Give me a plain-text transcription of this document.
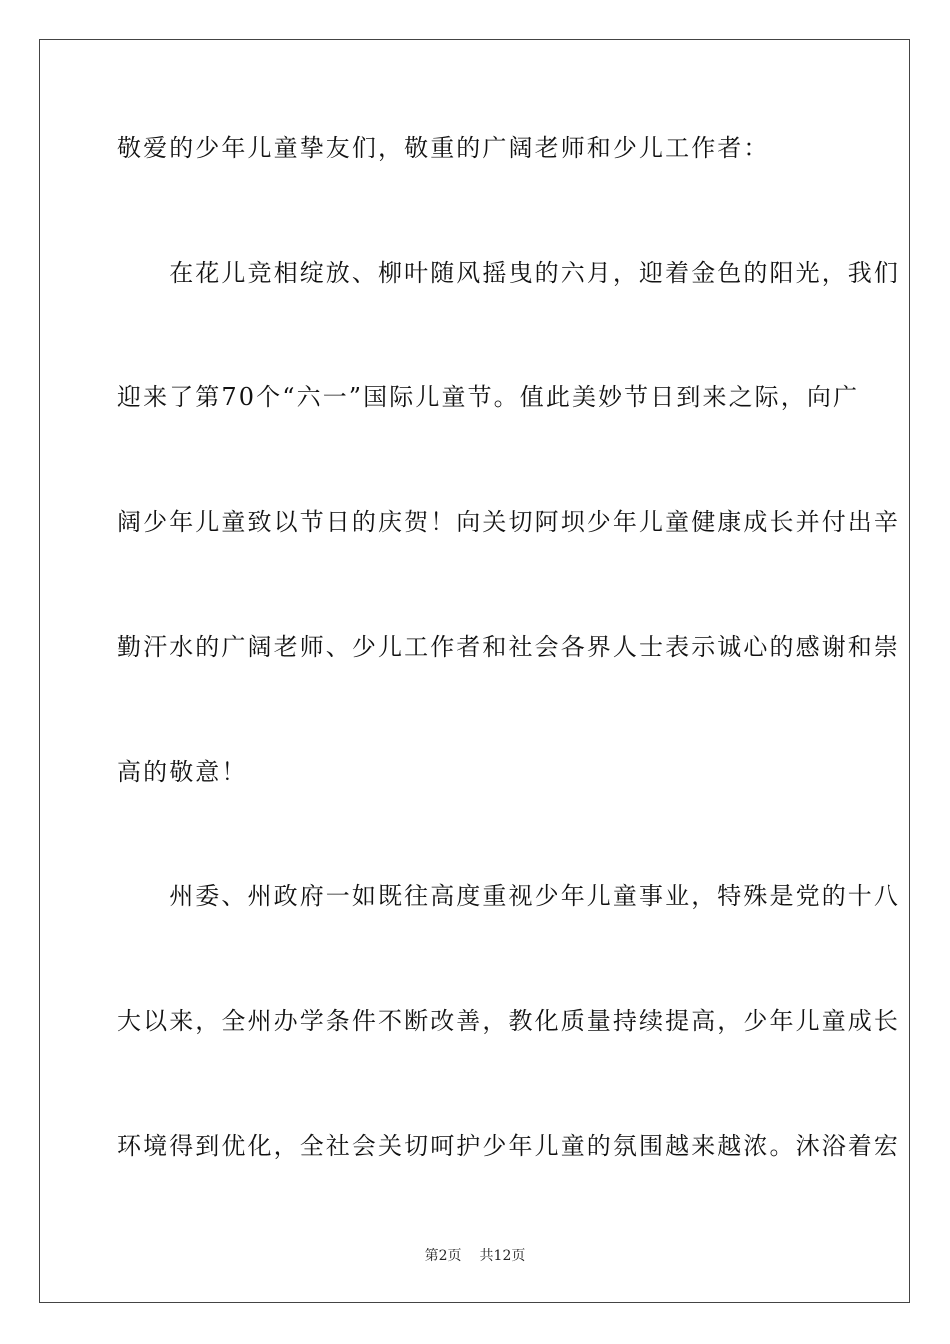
敬爱的少年儿童挚友们，敬重的广阔老师和少儿工作者：
　　在花儿竞相绽放、柳叶随风摇曳的六月，迎着金色的阳光，我们
迎来了第70个“六一”国际儿童节。值此美妙节日到来之际，向广
阔少年儿童致以节日的庆贺！向关切阿坝少年儿童健康成长并付出辛
勤汗水的广阔老师、少儿工作者和社会各界人士表示诚心的感谢和崇
高的敬意！
　　州委、州政府一如既往高度重视少年儿童事业，特殊是党的十八
大以来，全州办学条件不断改善，教化质量持续提高，少年儿童成长
环境得到优化，全社会关切呵护少年儿童的氛围越来越浓。沐浴着宏
第2页 共12页
